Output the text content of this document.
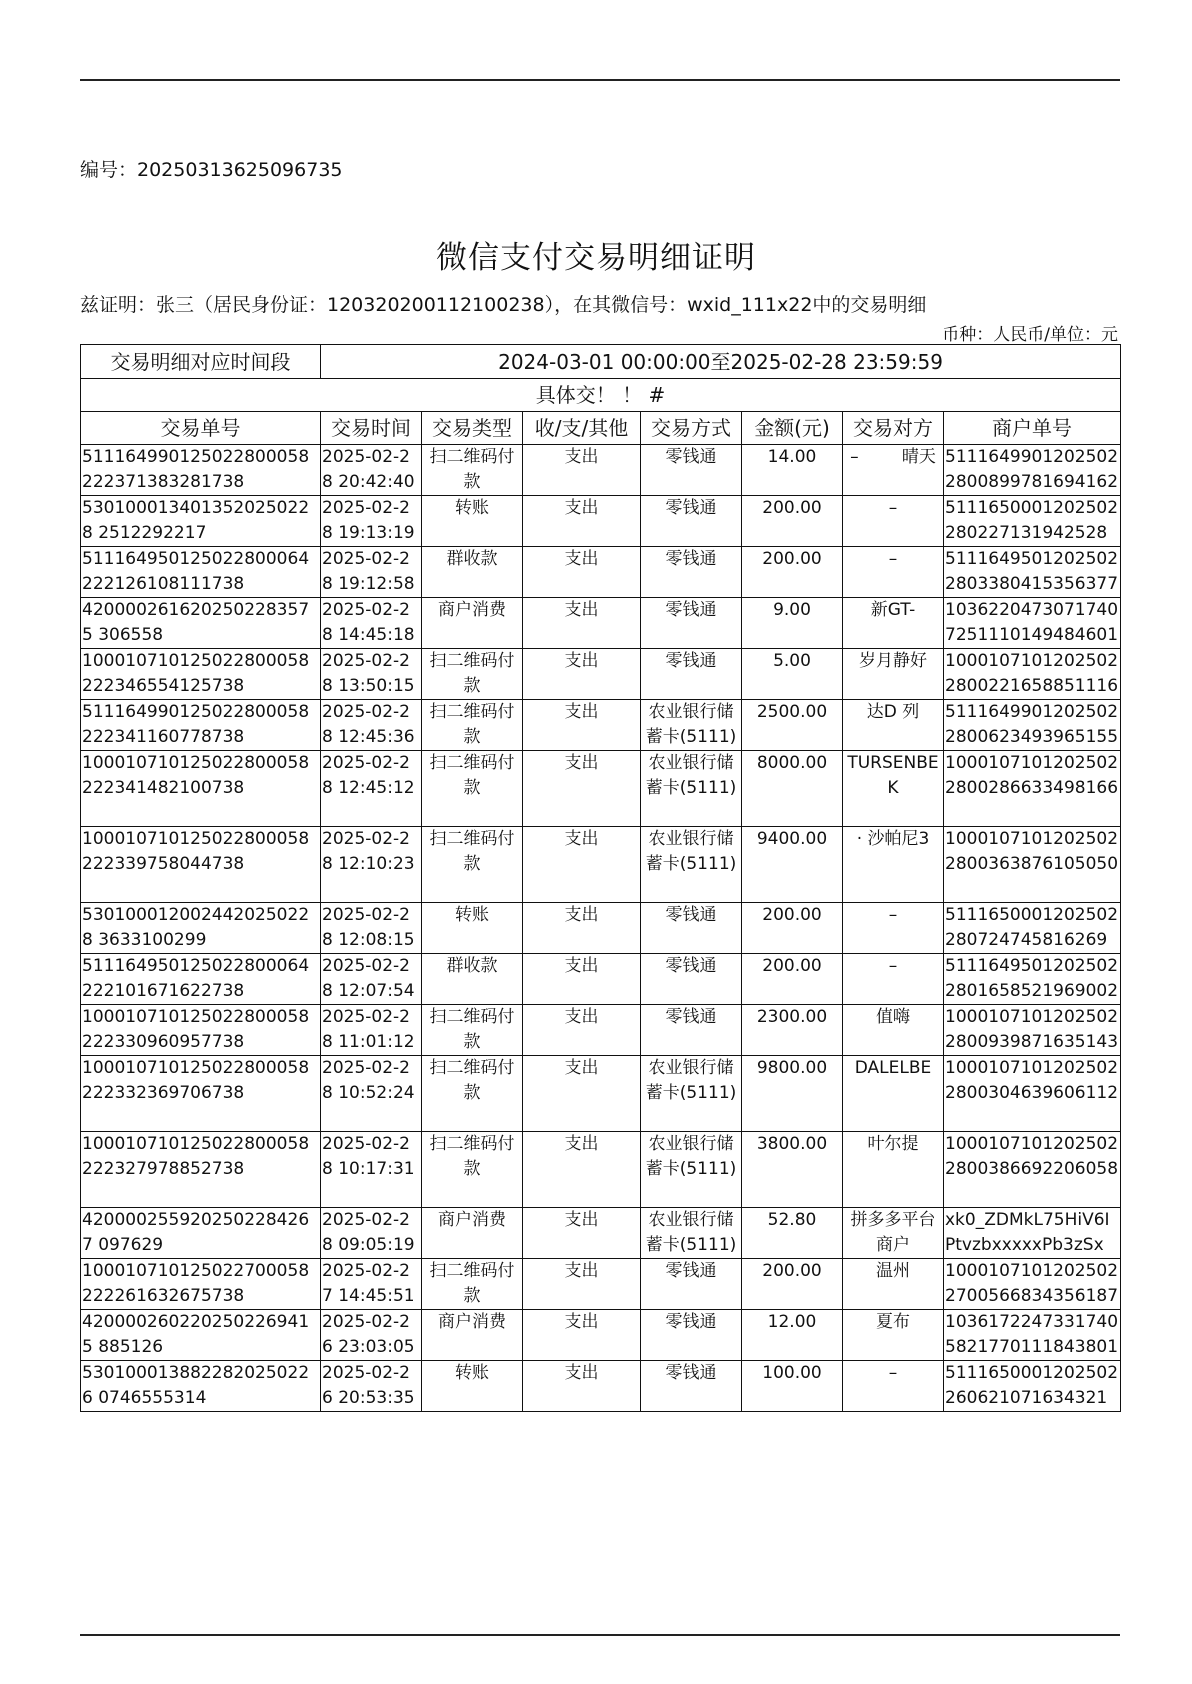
编号：20250313625096735
微信支付交易明细证明
兹证明：张三（居民身份证：120320200112100238），在其微信号：wxid_111x22中的交易明细
币种：人民币/单位：元
交易明细对应时间段	2024-03-01 00:00:00至2025-02-28 23:59:59						
具体交！ ！ #							
交易单号	交易时间	交易类型	收/支/其他	交易方式	金额(元)	交易对方	商户单号
511164990125022800058222371383281738	2025-02-28 20:42:40	扫二维码付款	支出	零钱通	14.00	–        晴天	51116499012025022800899781694162
5301000134013520250228 2512292217	2025-02-28 19:13:19	转账	支出	零钱通	200.00	–	5111650001202502280227131942528
511164950125022800064222126108111738	2025-02-28 19:12:58	群收款	支出	零钱通	200.00	–	51116495012025022803380415356377
4200002616202502283575 306558	2025-02-28 14:45:18	商户消费	支出	零钱通	9.00	新GT-	10362204730717407251110149484601
100010710125022800058222346554125738	2025-02-28 13:50:15	扫二维码付款	支出	零钱通	5.00	岁月静好	10001071012025022800221658851116
511164990125022800058222341160778738	2025-02-28 12:45:36	扫二维码付款	支出	农业银行储蓄卡(5111)	2500.00	达D 列	51116499012025022800623493965155
100010710125022800058222341482100738	2025-02-28 12:45:12	扫二维码付款	支出	农业银行储蓄卡(5111)	8000.00	TURSENBEK	10001071012025022800286633498166
100010710125022800058222339758044738	2025-02-28 12:10:23	扫二维码付款	支出	农业银行储蓄卡(5111)	9400.00	· 沙帕尼3	10001071012025022800363876105050
5301000120024420250228 3633100299	2025-02-28 12:08:15	转账	支出	零钱通	200.00	–	5111650001202502280724745816269
511164950125022800064222101671622738	2025-02-28 12:07:54	群收款	支出	零钱通	200.00	–	51116495012025022801658521969002
100010710125022800058222330960957738	2025-02-28 11:01:12	扫二维码付款	支出	零钱通	2300.00	值嗨	10001071012025022800939871635143
100010710125022800058222332369706738	2025-02-28 10:52:24	扫二维码付款	支出	农业银行储蓄卡(5111)	9800.00	DALELBE	10001071012025022800304639606112
100010710125022800058222327978852738	2025-02-28 10:17:31	扫二维码付款	支出	农业银行储蓄卡(5111)	3800.00	叶尔提	10001071012025022800386692206058
4200002559202502284267 097629	2025-02-28 09:05:19	商户消费	支出	农业银行储蓄卡(5111)	52.80	拼多多平台商户	xk0_ZDMkL75HiV6IPtvzbxxxxxPb3zSx
100010710125022700058222261632675738	2025-02-27 14:45:51	扫二维码付款	支出	零钱通	200.00	温州	10001071012025022700566834356187
4200002602202502269415 885126	2025-02-26 23:03:05	商户消费	支出	零钱通	12.00	夏布	10361722473317405821770111843801
5301000138822820250226 0746555314	2025-02-26 20:53:35	转账	支出	零钱通	100.00	–	5111650001202502260621071634321
